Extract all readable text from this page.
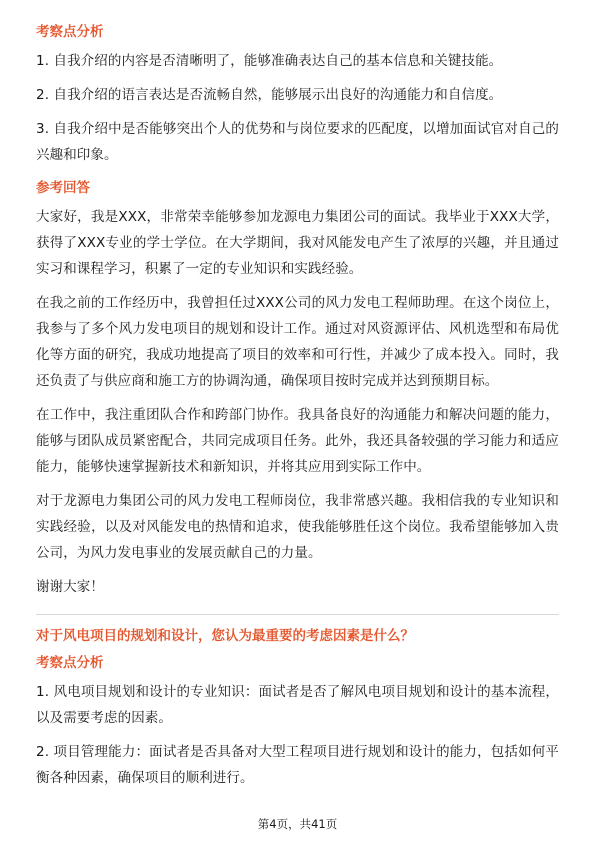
考察点分析

1. 自我介绍的内容是否清晰明了，能够准确表达自己的基本信息和关键技能。

2. 自我介绍的语言表达是否流畅自然，能够展示出良好的沟通能力和自信度。

3. 自我介绍中是否能够突出个人的优势和与岗位要求的匹配度，以增加面试官对自己的兴趣和印象。

参考回答

大家好，我是XXX，非常荣幸能够参加龙源电力集团公司的面试。我毕业于XXX大学，获得了XXX专业的学士学位。在大学期间，我对风能发电产生了浓厚的兴趣，并且通过实习和课程学习，积累了一定的专业知识和实践经验。

在我之前的工作经历中，我曾担任过XXX公司的风力发电工程师助理。在这个岗位上，我参与了多个风力发电项目的规划和设计工作。通过对风资源评估、风机选型和布局优化等方面的研究，我成功地提高了项目的效率和可行性，并减少了成本投入。同时，我还负责了与供应商和施工方的协调沟通，确保项目按时完成并达到预期目标。

在工作中，我注重团队合作和跨部门协作。我具备良好的沟通能力和解决问题的能力，能够与团队成员紧密配合，共同完成项目任务。此外，我还具备较强的学习能力和适应能力，能够快速掌握新技术和新知识，并将其应用到实际工作中。

对于龙源电力集团公司的风力发电工程师岗位，我非常感兴趣。我相信我的专业知识和实践经验，以及对风能发电的热情和追求，使我能够胜任这个岗位。我希望能够加入贵公司，为风力发电事业的发展贡献自己的力量。

谢谢大家！

对于风电项目的规划和设计，您认为最重要的考虑因素是什么？
考察点分析

1. 风电项目规划和设计的专业知识：面试者是否了解风电项目规划和设计的基本流程，以及需要考虑的因素。

2. 项目管理能力：面试者是否具备对大型工程项目进行规划和设计的能力，包括如何平衡各种因素，确保项目的顺利进行。

第4页，共41页
